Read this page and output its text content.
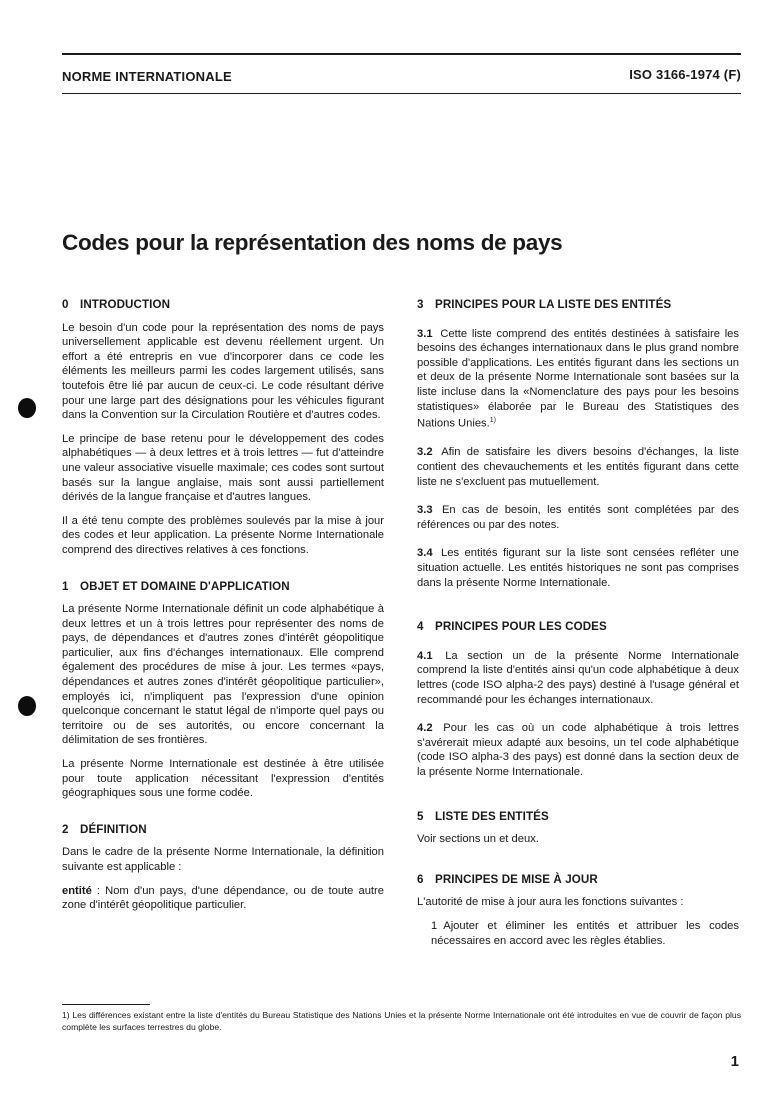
NORME INTERNATIONALE	ISO 3166-1974 (F)
Codes pour la représentation des noms de pays
0 INTRODUCTION

Le besoin d'un code pour la représentation des noms de pays universellement applicable est devenu réellement urgent. Un effort a été entrepris en vue d'incorporer dans ce code les éléments les meilleurs parmi les codes largement utilisés, sans toutefois être lié par aucun de ceux-ci. Le code résultant dérive pour une large part des désignations pour les véhicules figurant dans la Convention sur la Circulation Routière et d'autres codes.

Le principe de base retenu pour le développement des codes alphabétiques — à deux lettres et à trois lettres — fut d'atteindre une valeur associative visuelle maximale; ces codes sont surtout basés sur la langue anglaise, mais sont aussi partiellement dérivés de la langue française et d'autres langues.

Il a été tenu compte des problèmes soulevés par la mise à jour des codes et leur application. La présente Norme Internationale comprend des directives relatives à ces fonctions.

1 OBJET ET DOMAINE D'APPLICATION

La présente Norme Internationale définit un code alphabétique à deux lettres et un à trois lettres pour représenter des noms de pays, de dépendances et d'autres zones d'intérêt géopolitique particulier, aux fins d'échanges internationaux. Elle comprend également des procédures de mise à jour. Les termes «pays, dépendances et autres zones d'intérêt géopolitique particulier», employés ici, n'impliquent pas l'expression d'une opinion quelconque concernant le statut légal de n'importe quel pays ou territoire ou de ses autorités, ou encore concernant la délimitation de ses frontières.

La présente Norme Internationale est destinée à être utilisée pour toute application nécessitant l'expression d'entités géographiques sous une forme codée.

2 DÉFINITION

Dans le cadre de la présente Norme Internationale, la définition suivante est applicable :

entité : Nom d'un pays, d'une dépendance, ou de toute autre zone d'intérêt géopolitique particulier.

3 PRINCIPES POUR LA LISTE DES ENTITÉS

3.1 Cette liste comprend des entités destinées à satisfaire les besoins des échanges internationaux dans le plus grand nombre possible d'applications. Les entités figurant dans les sections un et deux de la présente Norme Internationale sont basées sur la liste incluse dans la «Nomenclature des pays pour les besoins statistiques» élaborée par le Bureau des Statistiques des Nations Unies.$^{1)}$

3.2 Afin de satisfaire les divers besoins d'échanges, la liste contient des chevauchements et les entités figurant dans cette liste ne s'excluent pas mutuellement.

3.3 En cas de besoin, les entités sont complétées par des références ou par des notes.

3.4 Les entités figurant sur la liste sont censées refléter une situation actuelle. Les entités historiques ne sont pas comprises dans la présente Norme Internationale.

4 PRINCIPES POUR LES CODES

4.1 La section un de la présente Norme Internationale comprend la liste d'entités ainsi qu'un code alphabétique à deux lettres (code ISO alpha-2 des pays) destiné à l'usage général et recommandé pour les échanges internationaux.

4.2 Pour les cas où un code alphabétique à trois lettres s'avérerait mieux adapté aux besoins, un tel code alphabétique (code ISO alpha-3 des pays) est donné dans la section deux de la présente Norme Internationale.

5 LISTE DES ENTITÉS

Voir sections un et deux.

6 PRINCIPES DE MISE À JOUR

L'autorité de mise à jour aura les fonctions suivantes :

1 Ajouter et éliminer les entités et attribuer les codes nécessaires en accord avec les règles établies.

1) Les différences existant entre la liste d'entités du Bureau Statistique des Nations Unies et la présente Norme Internationale ont été introduites en vue de couvrir de façon plus complète les surfaces terrestres du globe.
1
